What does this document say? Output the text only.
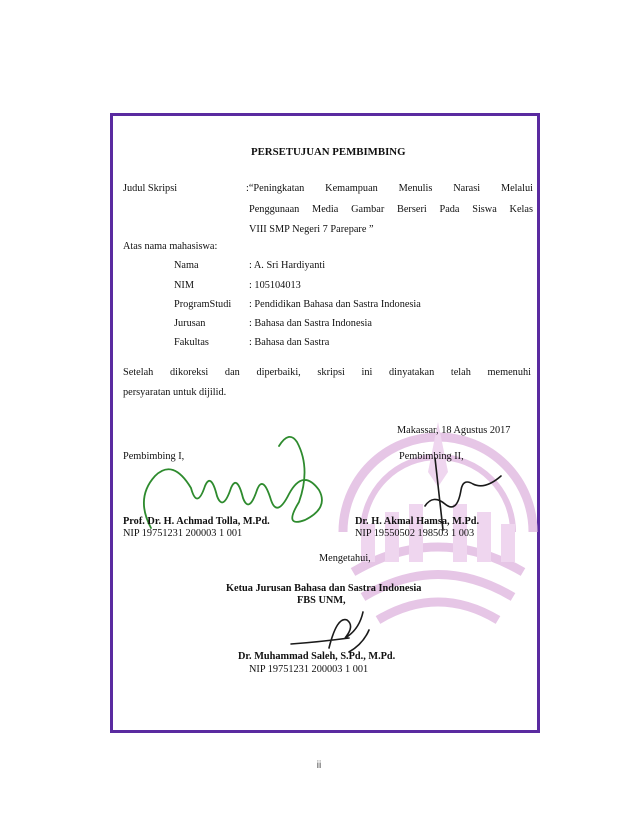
PERSETUJUAN PEMBIMBING
Judul Skripsi	:“Peningkatan Kemampuan Menulis Narasi Melalui
Penggunaan Media Gambar Berseri Pada Siswa Kelas
VIII SMP Negeri 7 Parepare ”
Atas nama mahasiswa:
Nama	: A. Sri Hardiyanti
NIM	: 105104013
ProgramStudi : Pendidikan Bahasa dan Sastra Indonesia
Jurusan	: Bahasa dan Sastra Indonesia
Fakultas	: Bahasa dan Sastra
Setelah dikoreksi dan diperbaiki, skripsi ini dinyatakan telah memenuhi
persyaratan untuk dijilid.
Makassar, 18 Agustus 2017
Pembimbing I,	Pembimbing II,
Prof. Dr. H. Achmad Tolla, M.Pd.
NIP 19751231 200003 1 001
Dr. H. Akmal Hamsa, M.Pd.
NIP 19550502 198503 1 003
Mengetahui,
Ketua Jurusan Bahasa dan Sastra Indonesia
FBS UNM,
Dr. Muhammad Saleh, S.Pd., M.Pd.
NIP 19751231 200003 1 001
ii
